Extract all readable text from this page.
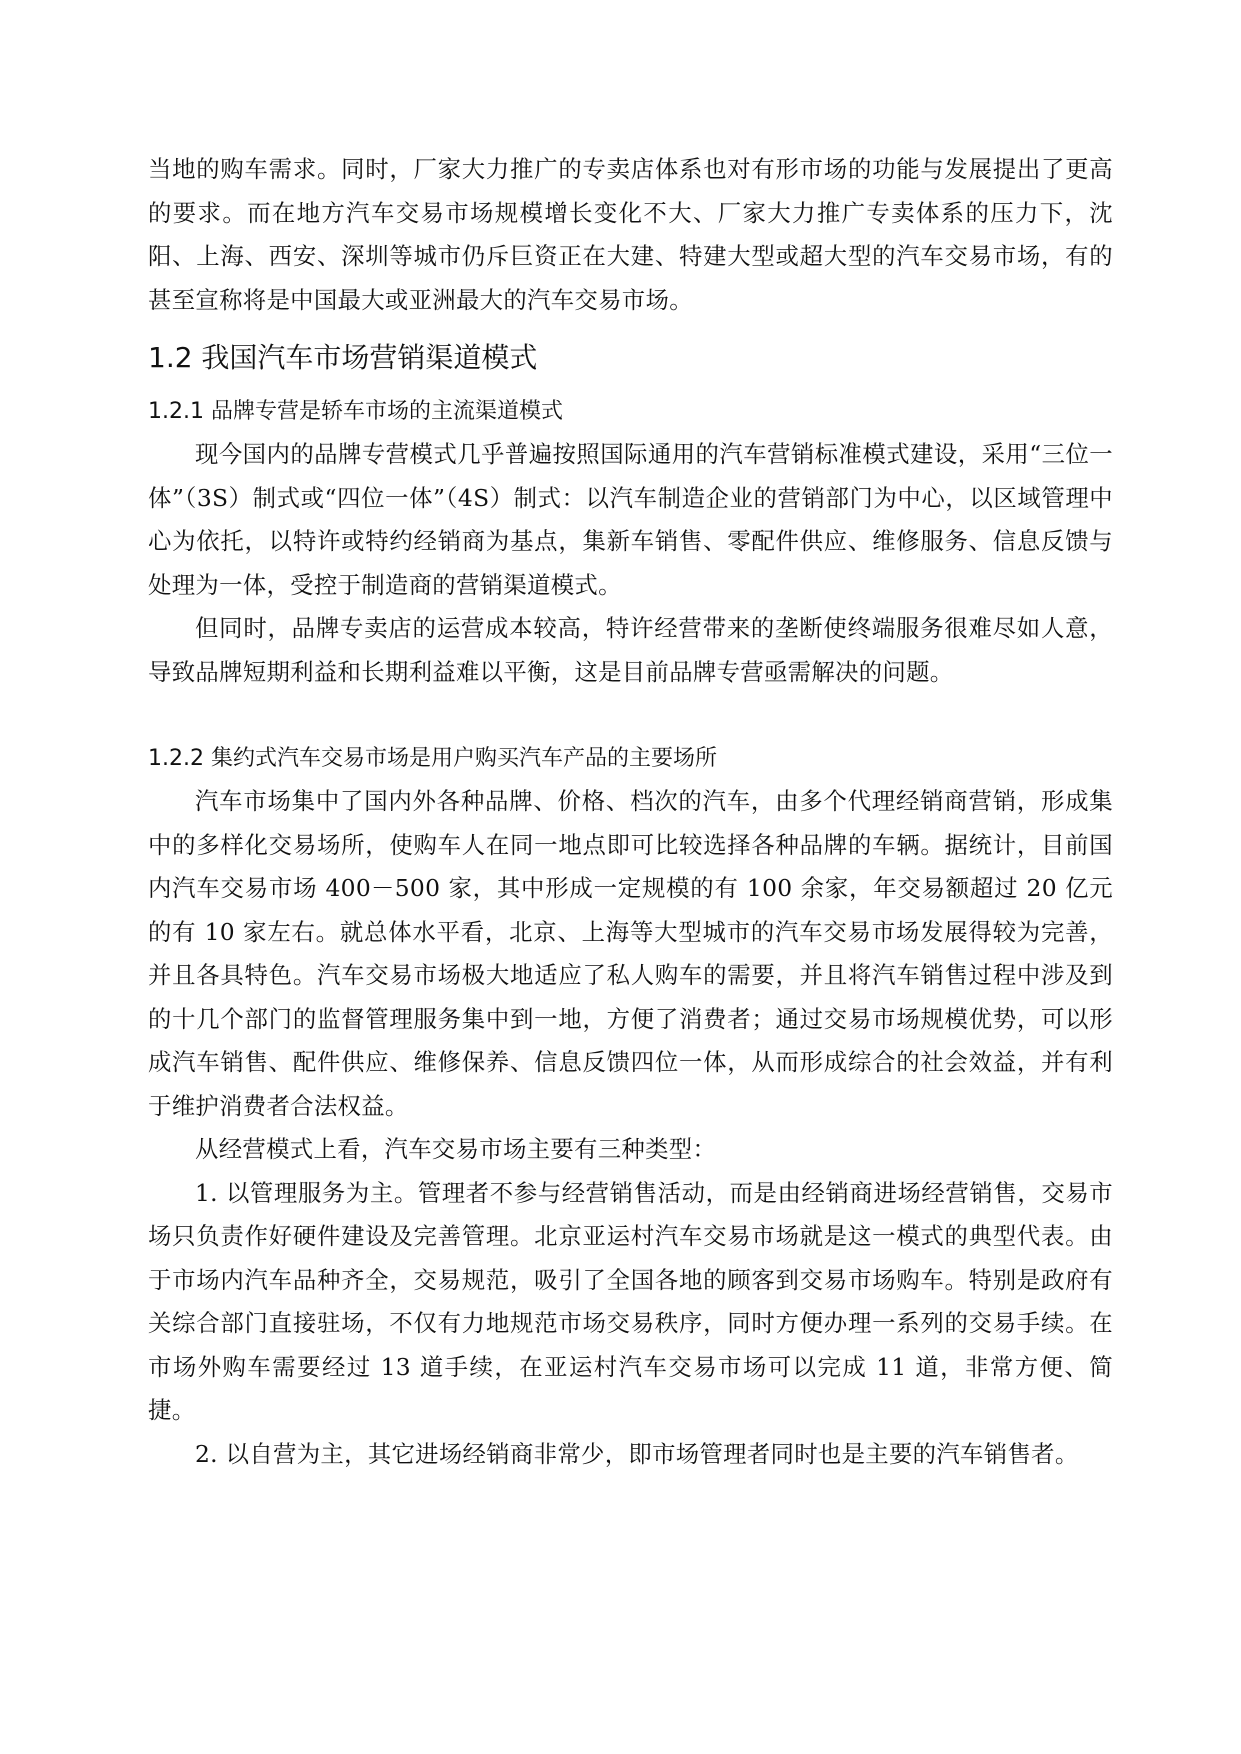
当地的购车需求。同时，厂家大力推广的专卖店体系也对有形市场的功能与发展提出了更高的要求。而在地方汽车交易市场规模增长变化不大、厂家大力推广专卖体系的压力下，沈阳、上海、西安、深圳等城市仍斥巨资正在大建、特建大型或超大型的汽车交易市场，有的甚至宣称将是中国最大或亚洲最大的汽车交易市场。

1.2 我国汽车市场营销渠道模式
1.2.1 品牌专营是轿车市场的主流渠道模式

现今国内的品牌专营模式几乎普遍按照国际通用的汽车营销标准模式建设，采用“三位一体”（3S）制式或“四位一体”（4S）制式：以汽车制造企业的营销部门为中心，以区域管理中心为依托，以特许或特约经销商为基点，集新车销售、零配件供应、维修服务、信息反馈与处理为一体，受控于制造商的营销渠道模式。

但同时，品牌专卖店的运营成本较高，特许经营带来的垄断使终端服务很难尽如人意，导致品牌短期利益和长期利益难以平衡，这是目前品牌专营亟需解决的问题。

1.2.2 集约式汽车交易市场是用户购买汽车产品的主要场所

汽车市场集中了国内外各种品牌、价格、档次的汽车，由多个代理经销商营销，形成集中的多样化交易场所，使购车人在同一地点即可比较选择各种品牌的车辆。据统计，目前国内汽车交易市场 400－500 家，其中形成一定规模的有 100 余家，年交易额超过 20 亿元的有 10 家左右。就总体水平看，北京、上海等大型城市的汽车交易市场发展得较为完善，并且各具特色。汽车交易市场极大地适应了私人购车的需要，并且将汽车销售过程中涉及到的十几个部门的监督管理服务集中到一地，方便了消费者；通过交易市场规模优势，可以形成汽车销售、配件供应、维修保养、信息反馈四位一体，从而形成综合的社会效益，并有利于维护消费者合法权益。

从经营模式上看，汽车交易市场主要有三种类型：

1. 以管理服务为主。管理者不参与经营销售活动，而是由经销商进场经营销售，交易市场只负责作好硬件建设及完善管理。北京亚运村汽车交易市场就是这一模式的典型代表。由于市场内汽车品种齐全，交易规范，吸引了全国各地的顾客到交易市场购车。特别是政府有关综合部门直接驻场，不仅有力地规范市场交易秩序，同时方便办理一系列的交易手续。在市场外购车需要经过 13 道手续，在亚运村汽车交易市场可以完成 11 道，非常方便、简捷。

2. 以自营为主，其它进场经销商非常少，即市场管理者同时也是主要的汽车销售者。
